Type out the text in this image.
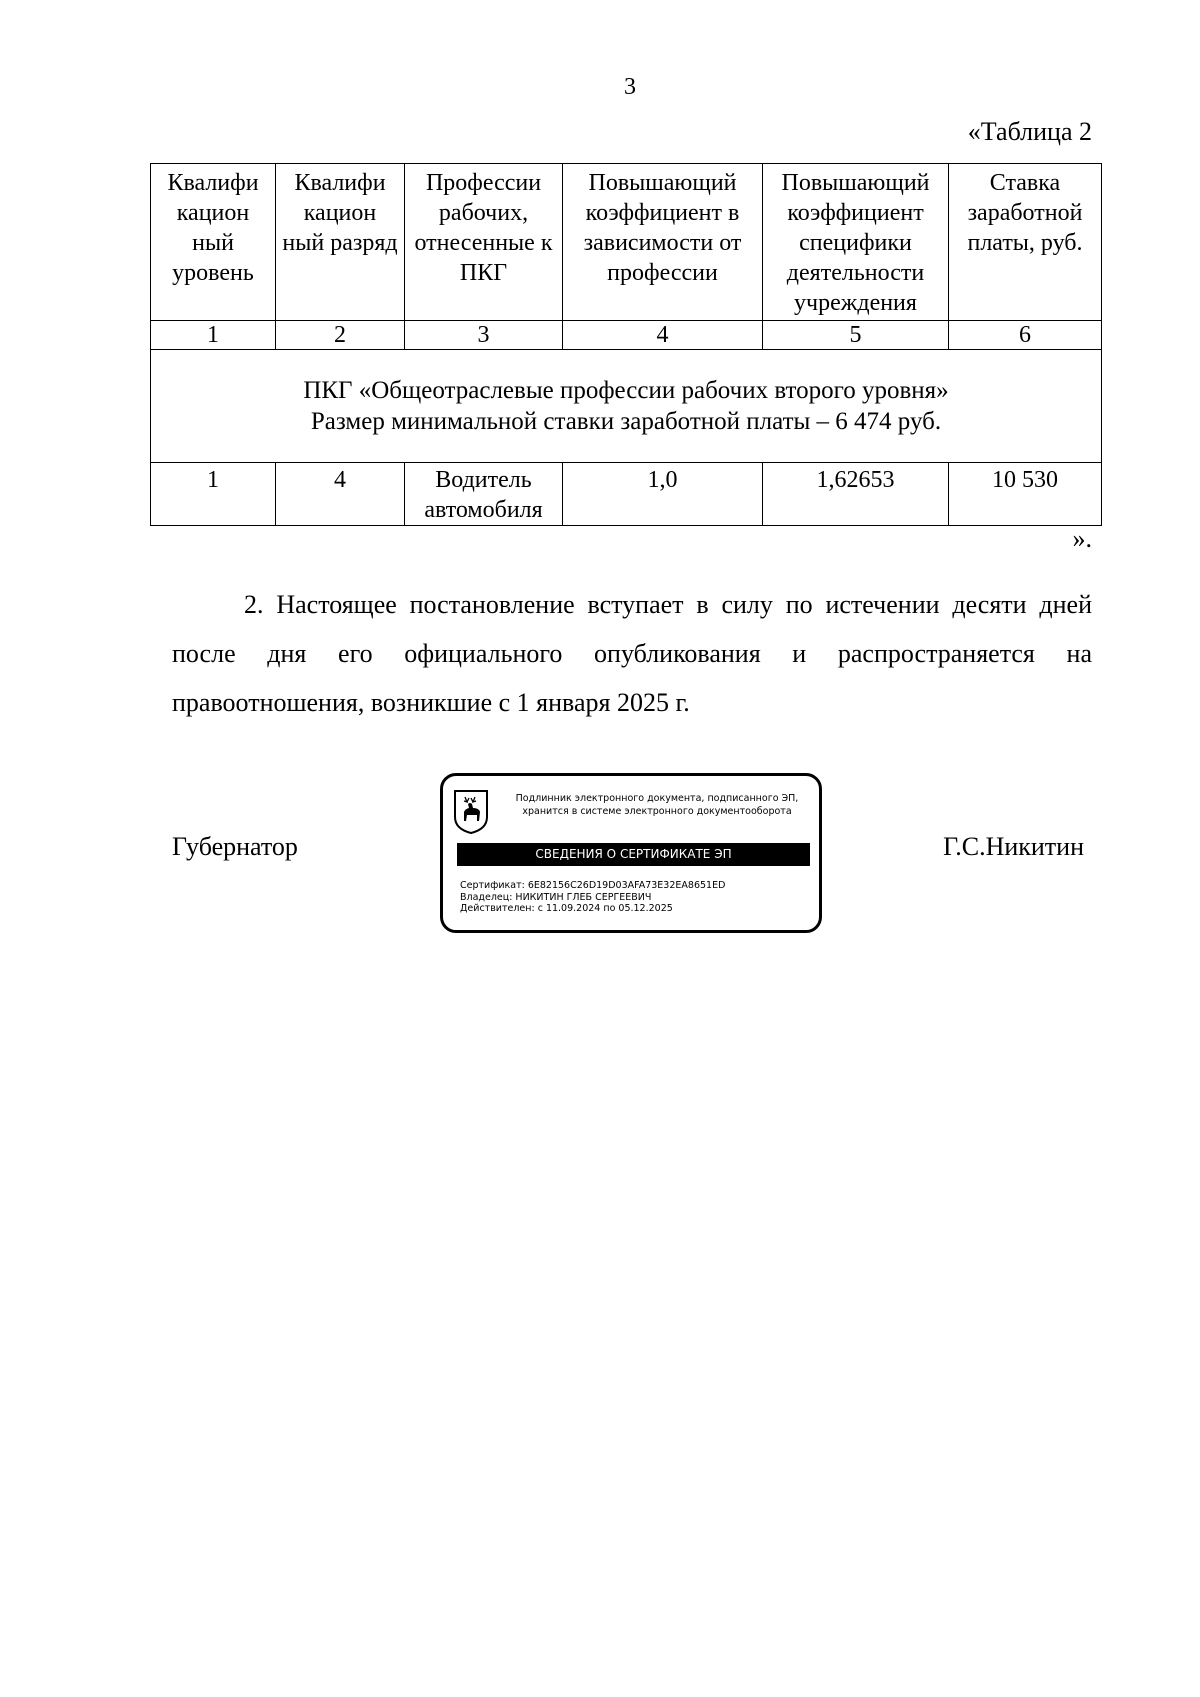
3
«Таблица 2
Квалифи кацион ный уровень	Квалифи кацион ный разряд	Профессии рабочих, отнесенные к ПКГ	Повышающий коэффициент в зависимости от профессии	Повышающий коэффициент специфики деятельности учреждения	Ставка заработной платы, руб.
1	2	3	4	5	6

ПКГ «Общеотраслевые профессии рабочих второго уровня»
Размер минимальной ставки заработной платы – 6 474 руб.					

1	4	Водитель автомобиля	1,0	1,62653	10 530
».

2. Настоящее постановление вступает в силу по истечении десяти дней после дня его официального опубликования и распространяется на правоотношения, возникшие с 1 января 2025 г.

Губернатор	Г.С.Никитин
Подлинник электронного документа, подписанного ЭП,
хранится в системе электронного документооборота
СВЕДЕНИЯ О СЕРТИФИКАТЕ ЭП
Сертификат: 6E82156C26D19D03AFA73E32EA8651ED
Владелец: НИКИТИН ГЛЕБ СЕРГЕЕВИЧ
Действителен: с 11.09.2024 по 05.12.2025
